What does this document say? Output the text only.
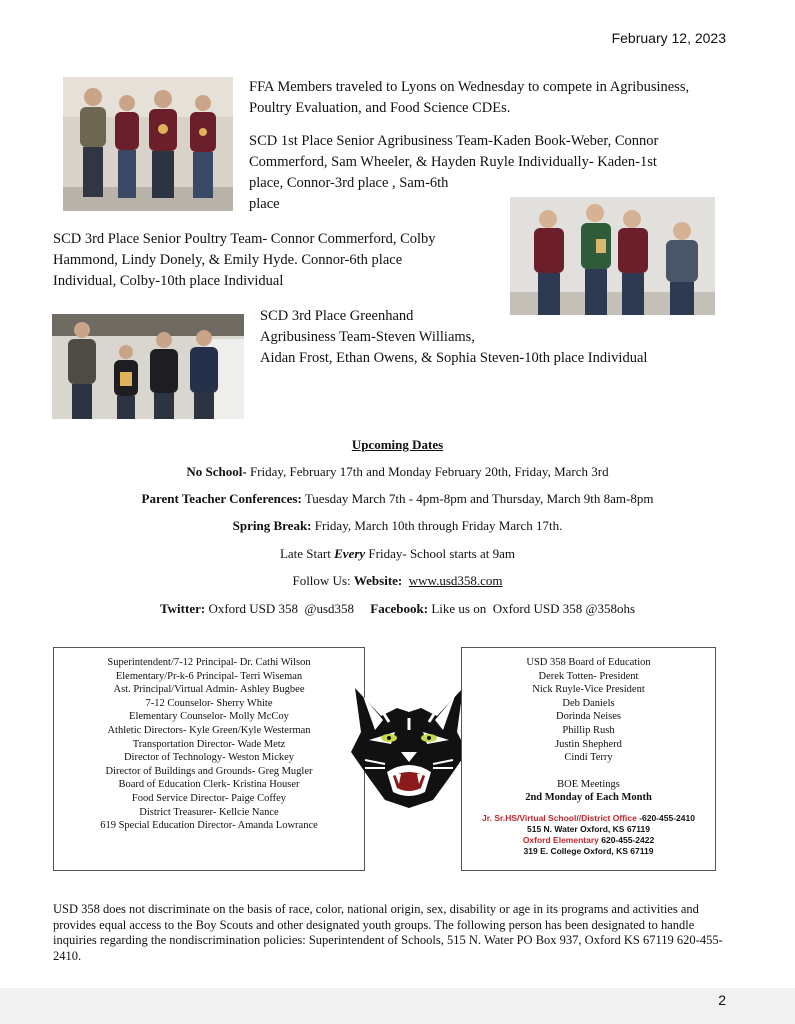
February 12, 2023
FFA Members traveled to Lyons on Wednesday to compete in Agribusiness, Poultry Evaluation, and Food Science CDEs.
SCD 1st Place Senior Agribusiness Team-Kaden Book-Weber, Connor
Commerford, Sam Wheeler, & Hayden Ruyle Individually- Kaden-1st
place, Connor-3rd place , Sam-6th
place
SCD 3rd Place Senior Poultry Team- Connor Commerford, Colby
Hammond, Lindy Donely, & Emily Hyde. Connor-6th place
Individual, Colby-10th place Individual
SCD 3rd Place Greenhand
Agribusiness Team-Steven Williams,
Aidan Frost, Ethan Owens, & Sophia Steven-10th place Individual
Upcoming Dates
No School- Friday, February 17th and Monday February 20th, Friday, March 3rd
Parent Teacher Conferences: Tuesday March 7th - 4pm-8pm and Thursday, March 9th 8am-8pm
Spring Break: Friday, March 10th through Friday March 17th.
Late Start Every Friday- School starts at 9am
Follow Us: Website: www.usd358.com
Twitter: Oxford USD 358  @usd358     Facebook: Like us on  Oxford USD 358 @358ohs
Superintendent/7-12 Principal- Dr. Cathi Wilson
Elementary/Pr-k-6 Principal- Terri Wiseman
Ast. Principal/Virtual Admin- Ashley Bugbee
7-12 Counselor- Sherry White
Elementary Counselor- Molly McCoy
Athletic Directors- Kyle Green/Kyle Westerman
Transportation Director- Wade Metz
Director of Technology- Weston Mickey
Director of Buildings and Grounds- Greg Mugler
Board of Education Clerk- Kristina Houser
Food Service Director- Paige Coffey
District Treasurer- Kellcie Nance
619 Special Education Director- Amanda Lowrance
USD 358 Board of Education
Derek Totten- President
Nick Ruyle-Vice President
Deb Daniels
Dorinda Neises
Phillip Rush
Justin Shepherd
Cindi Terry
BOE Meetings
2nd Monday of Each Month
Jr. Sr.HS/Virtual School//District Office -620-455-2410
515 N. Water Oxford, KS 67119
Oxford Elementary 620-455-2422
319 E. College Oxford, KS 67119
USD 358 does not discriminate on the basis of race, color, national origin, sex, disability or age in its programs and activities and provides equal access to the Boy Scouts and other designated youth groups. The following person has been designated to handle inquiries regarding the nondiscrimination policies: Superintendent of Schools, 515 N. Water PO Box 937, Oxford KS 67119 620-455-2410.
2
